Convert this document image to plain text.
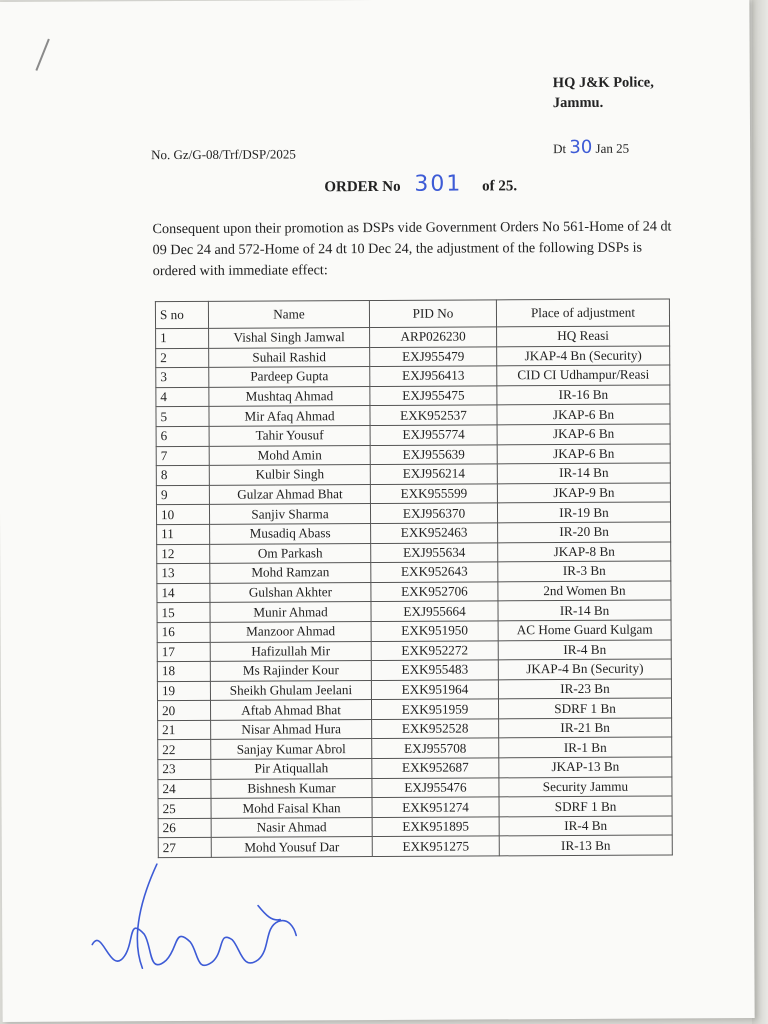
HQ J&K Police,
Jammu.
No. Gz/G-08/Trf/DSP/2025	Dt 30 Jan 25
ORDER No 301 of 25.
Consequent upon their promotion as DSPs vide Government Orders No 561-Home of 24 dt 09 Dec 24 and 572-Home of 24 dt 10 Dec 24, the adjustment of the following DSPs is ordered with immediate effect:
S no	Name	PID No	Place of adjustment
1	Vishal Singh Jamwal	ARP026230	HQ Reasi
2	Suhail Rashid	EXJ955479	JKAP-4 Bn (Security)
3	Pardeep Gupta	EXJ956413	CID CI Udhampur/Reasi
4	Mushtaq Ahmad	EXJ955475	IR-16 Bn
5	Mir Afaq Ahmad	EXK952537	JKAP-6 Bn
6	Tahir Yousuf	EXJ955774	JKAP-6 Bn
7	Mohd Amin	EXJ955639	JKAP-6 Bn
8	Kulbir Singh	EXJ956214	IR-14 Bn
9	Gulzar Ahmad Bhat	EXK955599	JKAP-9 Bn
10	Sanjiv Sharma	EXJ956370	IR-19 Bn
11	Musadiq Abass	EXK952463	IR-20 Bn
12	Om Parkash	EXJ955634	JKAP-8 Bn
13	Mohd Ramzan	EXK952643	IR-3 Bn
14	Gulshan Akhter	EXK952706	2nd Women Bn
15	Munir Ahmad	EXJ955664	IR-14 Bn
16	Manzoor Ahmad	EXK951950	AC Home Guard Kulgam
17	Hafizullah Mir	EXK952272	IR-4 Bn
18	Ms Rajinder Kour	EXK955483	JKAP-4 Bn (Security)
19	Sheikh Ghulam Jeelani	EXK951964	IR-23 Bn
20	Aftab Ahmad Bhat	EXK951959	SDRF 1 Bn
21	Nisar Ahmad Hura	EXK952528	IR-21 Bn
22	Sanjay Kumar Abrol	EXJ955708	IR-1 Bn
23	Pir Atiquallah	EXK952687	JKAP-13 Bn
24	Bishnesh Kumar	EXJ955476	Security Jammu
25	Mohd Faisal Khan	EXK951274	SDRF 1 Bn
26	Nasir Ahmad	EXK951895	IR-4 Bn
27	Mohd Yousuf Dar	EXK951275	IR-13 Bn
